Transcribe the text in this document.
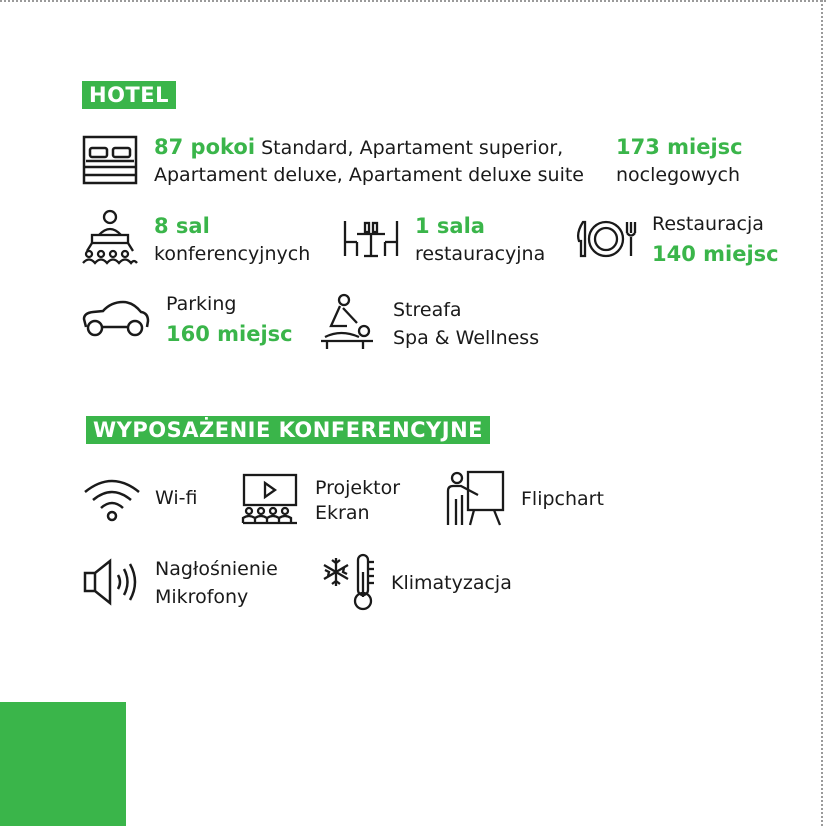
HOTEL
87 pokoi Standard, Apartament superior,
Apartament deluxe, Apartament deluxe suite
173 miejsc
noclegowych
8 sal
konferencyjnych
1 sala
restauracyjna
Restauracja
140 miejsc
Parking
160 miejsc
Streafa
Spa & Wellness
WYPOSAŻENIE KONFERENCYJNE
Wi-fi	Projektor
Ekran
Flipchart
Nagłośnienie
Mikrofony
Klimatyzacja
